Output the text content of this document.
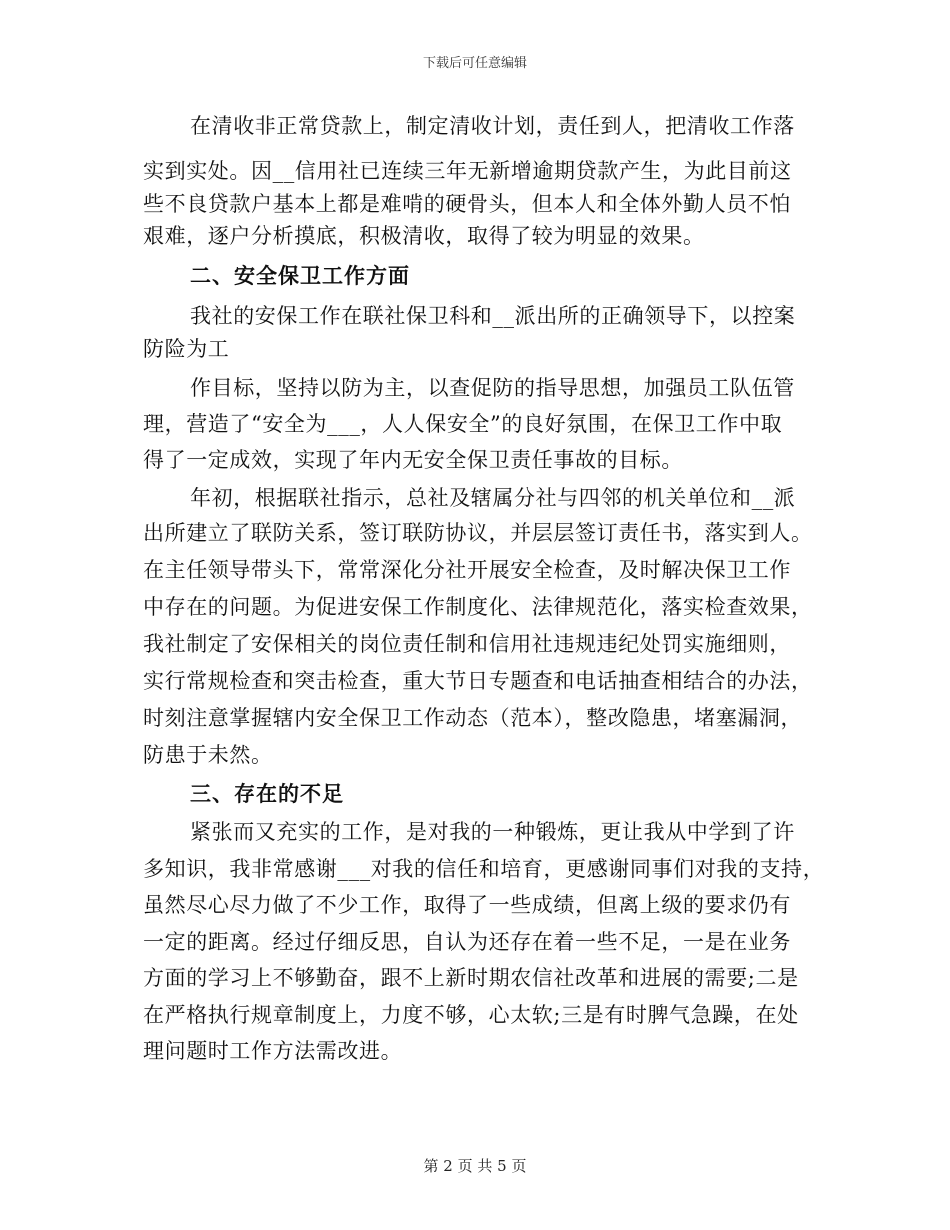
下载后可任意编辑
在清收非正常贷款上，制定清收计划，责任到人，把清收工作落
实到实处。因__信用社已连续三年无新增逾期贷款产生，为此目前这
些不良贷款户基本上都是难啃的硬骨头，但本人和全体外勤人员不怕
艰难，逐户分析摸底，积极清收，取得了较为明显的效果。
二、安全保卫工作方面
我社的安保工作在联社保卫科和__派出所的正确领导下，以控案
防险为工
作目标，坚持以防为主，以查促防的指导思想，加强员工队伍管
理，营造了“安全为___，人人保安全”的良好氛围，在保卫工作中取
得了一定成效，实现了年内无安全保卫责任事故的目标。
年初，根据联社指示，总社及辖属分社与四邻的机关单位和__派
出所建立了联防关系，签订联防协议，并层层签订责任书，落实到人。
在主任领导带头下，常常深化分社开展安全检查，及时解决保卫工作
中存在的问题。为促进安保工作制度化、法律规范化，落实检查效果，
我社制定了安保相关的岗位责任制和信用社违规违纪处罚实施细则，
实行常规检查和突击检查，重大节日专题查和电话抽查相结合的办法，
时刻注意掌握辖内安全保卫工作动态（范本），整改隐患，堵塞漏洞，
防患于未然。
三、存在的不足
紧张而又充实的工作，是对我的一种锻炼，更让我从中学到了许
多知识，我非常感谢___对我的信任和培育，更感谢同事们对我的支持，
虽然尽心尽力做了不少工作，取得了一些成绩，但离上级的要求仍有
一定的距离。经过仔细反思，自认为还存在着一些不足，一是在业务
方面的学习上不够勤奋，跟不上新时期农信社改革和进展的需要;二是
在严格执行规章制度上，力度不够，心太软;三是有时脾气急躁，在处
理问题时工作方法需改进。
第 2 页 共 5 页
